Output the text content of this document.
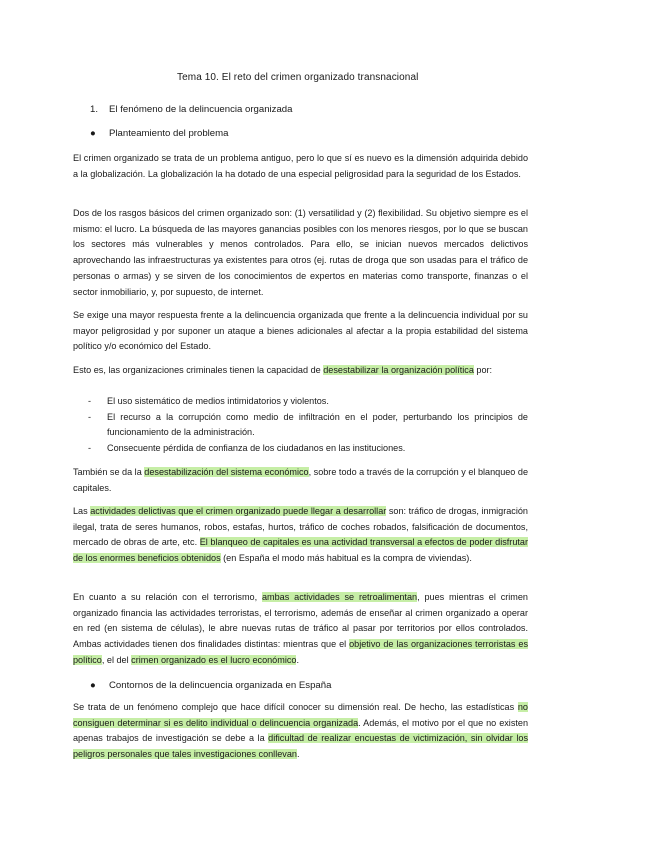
Tema 10. El reto del crimen organizado transnacional
1. El fenómeno de la delincuencia organizada
● Planteamiento del problema

El crimen organizado se trata de un problema antiguo, pero lo que sí es nuevo es la dimensión adquirida debido a la globalización. La globalización la ha dotado de una especial peligrosidad para la seguridad de los Estados.

Dos de los rasgos básicos del crimen organizado son: (1) versatilidad y (2) flexibilidad. Su objetivo siempre es el mismo: el lucro. La búsqueda de las mayores ganancias posibles con los menores riesgos, por lo que se buscan los sectores más vulnerables y menos controlados. Para ello, se inician nuevos mercados delictivos aprovechando las infraestructuras ya existentes para otros (ej. rutas de droga que son usadas para el tráfico de personas o armas) y se sirven de los conocimientos de expertos en materias como transporte, finanzas o el sector inmobiliario, y, por supuesto, de internet.

Se exige una mayor respuesta frente a la delincuencia organizada que frente a la delincuencia individual por su mayor peligrosidad y por suponer un ataque a bienes adicionales al afectar a la propia estabilidad del sistema político y/o económico del Estado.

Esto es, las organizaciones criminales tienen la capacidad de desestabilizar la organización política por:

- El uso sistemático de medios intimidatorios y violentos.
- El recurso a la corrupción como medio de infiltración en el poder, perturbando los principios de funcionamiento de la administración.
- Consecuente pérdida de confianza de los ciudadanos en las instituciones.

También se da la desestabilización del sistema económico, sobre todo a través de la corrupción y el blanqueo de capitales.

Las actividades delictivas que el crimen organizado puede llegar a desarrollar son: tráfico de drogas, inmigración ilegal, trata de seres humanos, robos, estafas, hurtos, tráfico de coches robados, falsificación de documentos, mercado de obras de arte, etc. El blanqueo de capitales es una actividad transversal a efectos de poder disfrutar de los enormes beneficios obtenidos (en España el modo más habitual es la compra de viviendas).

En cuanto a su relación con el terrorismo, ambas actividades se retroalimentan, pues mientras el crimen organizado financia las actividades terroristas, el terrorismo, además de enseñar al crimen organizado a operar en red (en sistema de células), le abre nuevas rutas de tráfico al pasar por territorios por ellos controlados. Ambas actividades tienen dos finalidades distintas: mientras que el objetivo de las organizaciones terroristas es político, el del crimen organizado es el lucro económico.

● Contornos de la delincuencia organizada en España

Se trata de un fenómeno complejo que hace difícil conocer su dimensión real. De hecho, las estadísticas no consiguen determinar si es delito individual o delincuencia organizada. Además, el motivo por el que no existen apenas trabajos de investigación se debe a la dificultad de realizar encuestas de victimización, sin olvidar los peligros personales que tales investigaciones conllevan.
